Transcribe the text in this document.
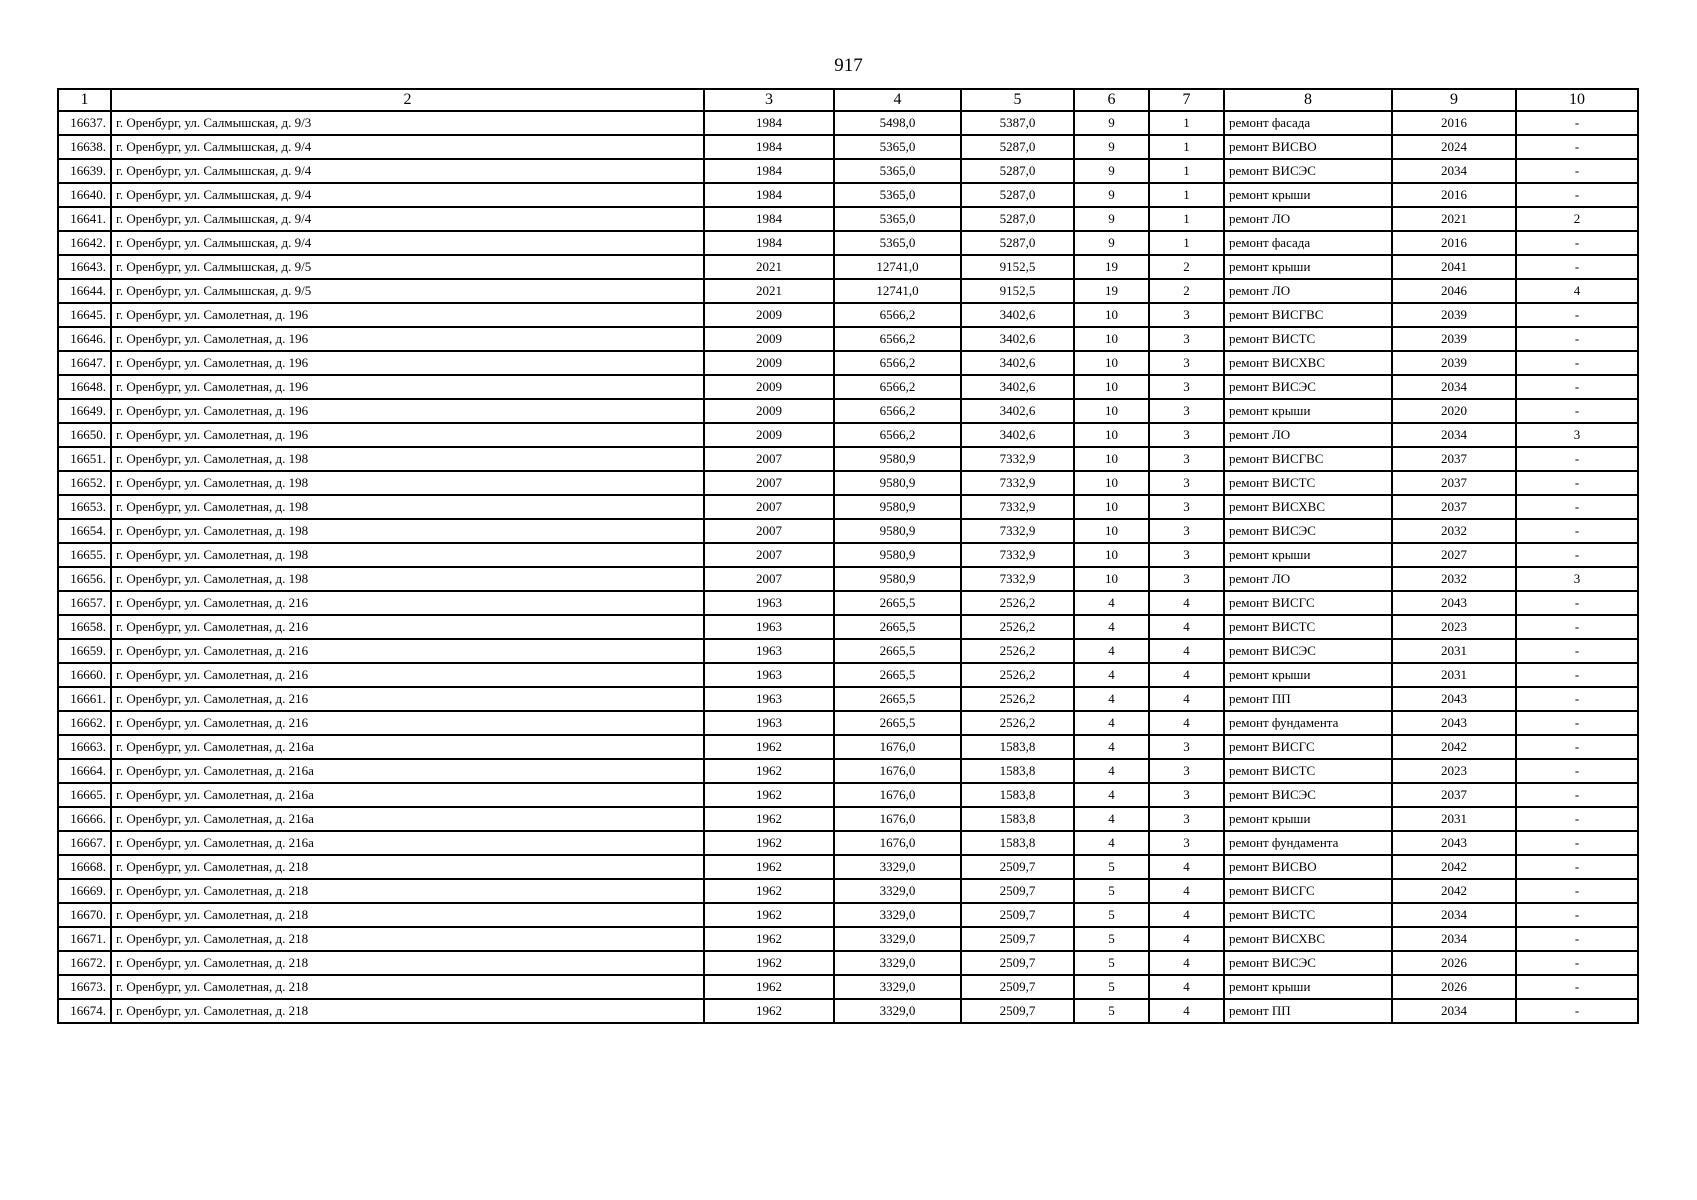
917
1	2	3	4	5	6	7	8	9	10
16637.	г. Оренбург, ул. Салмышская, д. 9/3	1984	5498,0	5387,0	9	1	ремонт фасада	2016	-
16638.	г. Оренбург, ул. Салмышская, д. 9/4	1984	5365,0	5287,0	9	1	ремонт ВИСВО	2024	-
16639.	г. Оренбург, ул. Салмышская, д. 9/4	1984	5365,0	5287,0	9	1	ремонт ВИСЭС	2034	-
16640.	г. Оренбург, ул. Салмышская, д. 9/4	1984	5365,0	5287,0	9	1	ремонт крыши	2016	-
16641.	г. Оренбург, ул. Салмышская, д. 9/4	1984	5365,0	5287,0	9	1	ремонт ЛО	2021	2
16642.	г. Оренбург, ул. Салмышская, д. 9/4	1984	5365,0	5287,0	9	1	ремонт фасада	2016	-
16643.	г. Оренбург, ул. Салмышская, д. 9/5	2021	12741,0	9152,5	19	2	ремонт крыши	2041	-
16644.	г. Оренбург, ул. Салмышская, д. 9/5	2021	12741,0	9152,5	19	2	ремонт ЛО	2046	4
16645.	г. Оренбург, ул. Самолетная, д. 196	2009	6566,2	3402,6	10	3	ремонт ВИСГВС	2039	-
16646.	г. Оренбург, ул. Самолетная, д. 196	2009	6566,2	3402,6	10	3	ремонт ВИСТС	2039	-
16647.	г. Оренбург, ул. Самолетная, д. 196	2009	6566,2	3402,6	10	3	ремонт ВИСХВС	2039	-
16648.	г. Оренбург, ул. Самолетная, д. 196	2009	6566,2	3402,6	10	3	ремонт ВИСЭС	2034	-
16649.	г. Оренбург, ул. Самолетная, д. 196	2009	6566,2	3402,6	10	3	ремонт крыши	2020	-
16650.	г. Оренбург, ул. Самолетная, д. 196	2009	6566,2	3402,6	10	3	ремонт ЛО	2034	3
16651.	г. Оренбург, ул. Самолетная, д. 198	2007	9580,9	7332,9	10	3	ремонт ВИСГВС	2037	-
16652.	г. Оренбург, ул. Самолетная, д. 198	2007	9580,9	7332,9	10	3	ремонт ВИСТС	2037	-
16653.	г. Оренбург, ул. Самолетная, д. 198	2007	9580,9	7332,9	10	3	ремонт ВИСХВС	2037	-
16654.	г. Оренбург, ул. Самолетная, д. 198	2007	9580,9	7332,9	10	3	ремонт ВИСЭС	2032	-
16655.	г. Оренбург, ул. Самолетная, д. 198	2007	9580,9	7332,9	10	3	ремонт крыши	2027	-
16656.	г. Оренбург, ул. Самолетная, д. 198	2007	9580,9	7332,9	10	3	ремонт ЛО	2032	3
16657.	г. Оренбург, ул. Самолетная, д. 216	1963	2665,5	2526,2	4	4	ремонт ВИСГС	2043	-
16658.	г. Оренбург, ул. Самолетная, д. 216	1963	2665,5	2526,2	4	4	ремонт ВИСТС	2023	-
16659.	г. Оренбург, ул. Самолетная, д. 216	1963	2665,5	2526,2	4	4	ремонт ВИСЭС	2031	-
16660.	г. Оренбург, ул. Самолетная, д. 216	1963	2665,5	2526,2	4	4	ремонт крыши	2031	-
16661.	г. Оренбург, ул. Самолетная, д. 216	1963	2665,5	2526,2	4	4	ремонт ПП	2043	-
16662.	г. Оренбург, ул. Самолетная, д. 216	1963	2665,5	2526,2	4	4	ремонт фундамента	2043	-
16663.	г. Оренбург, ул. Самолетная, д. 216а	1962	1676,0	1583,8	4	3	ремонт ВИСГС	2042	-
16664.	г. Оренбург, ул. Самолетная, д. 216а	1962	1676,0	1583,8	4	3	ремонт ВИСТС	2023	-
16665.	г. Оренбург, ул. Самолетная, д. 216а	1962	1676,0	1583,8	4	3	ремонт ВИСЭС	2037	-
16666.	г. Оренбург, ул. Самолетная, д. 216а	1962	1676,0	1583,8	4	3	ремонт крыши	2031	-
16667.	г. Оренбург, ул. Самолетная, д. 216а	1962	1676,0	1583,8	4	3	ремонт фундамента	2043	-
16668.	г. Оренбург, ул. Самолетная, д. 218	1962	3329,0	2509,7	5	4	ремонт ВИСВО	2042	-
16669.	г. Оренбург, ул. Самолетная, д. 218	1962	3329,0	2509,7	5	4	ремонт ВИСГС	2042	-
16670.	г. Оренбург, ул. Самолетная, д. 218	1962	3329,0	2509,7	5	4	ремонт ВИСТС	2034	-
16671.	г. Оренбург, ул. Самолетная, д. 218	1962	3329,0	2509,7	5	4	ремонт ВИСХВС	2034	-
16672.	г. Оренбург, ул. Самолетная, д. 218	1962	3329,0	2509,7	5	4	ремонт ВИСЭС	2026	-
16673.	г. Оренбург, ул. Самолетная, д. 218	1962	3329,0	2509,7	5	4	ремонт крыши	2026	-
16674.	г. Оренбург, ул. Самолетная, д. 218	1962	3329,0	2509,7	5	4	ремонт ПП	2034	-
